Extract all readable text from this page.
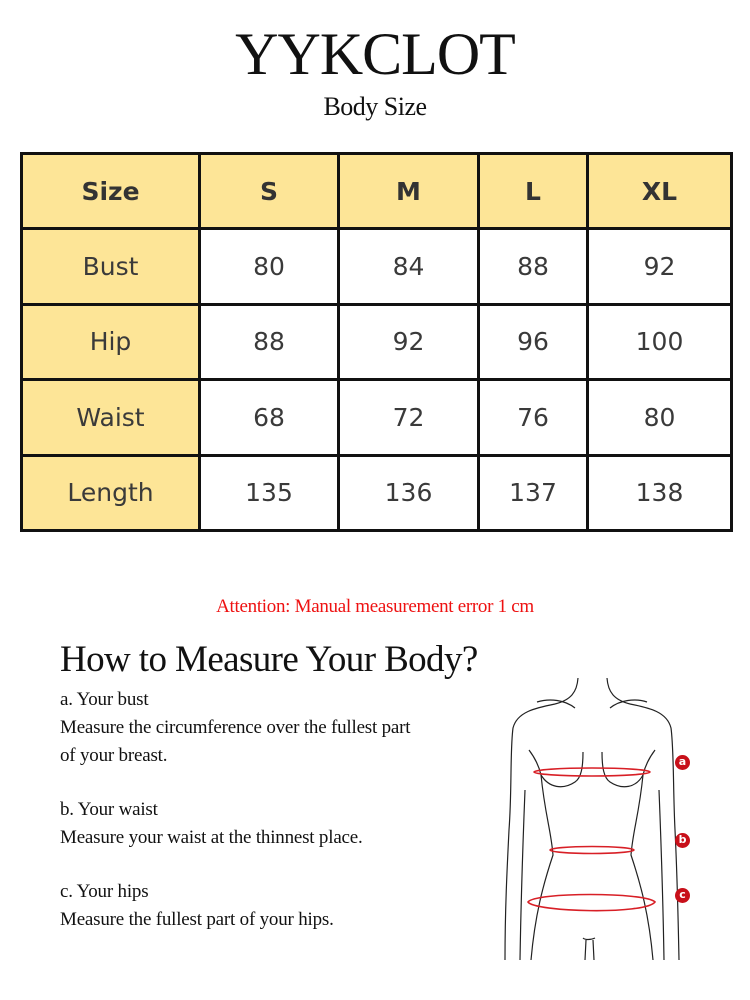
YYKCLOT
Body Size
Size	S	M	L	XL
Bust	80	84	88	92
Hip	88	92	96	100
Waist	68	72	76	80
Length	135	136	137	138
Attention: Manual measurement error 1 cm
How to Measure Your Body?
a. Your bust
Measure the circumference over the fullest part
of your breast.
b. Your waist
Measure your waist at the thinnest place.
c. Your hips
Measure the fullest part of your hips.
a
b
c
